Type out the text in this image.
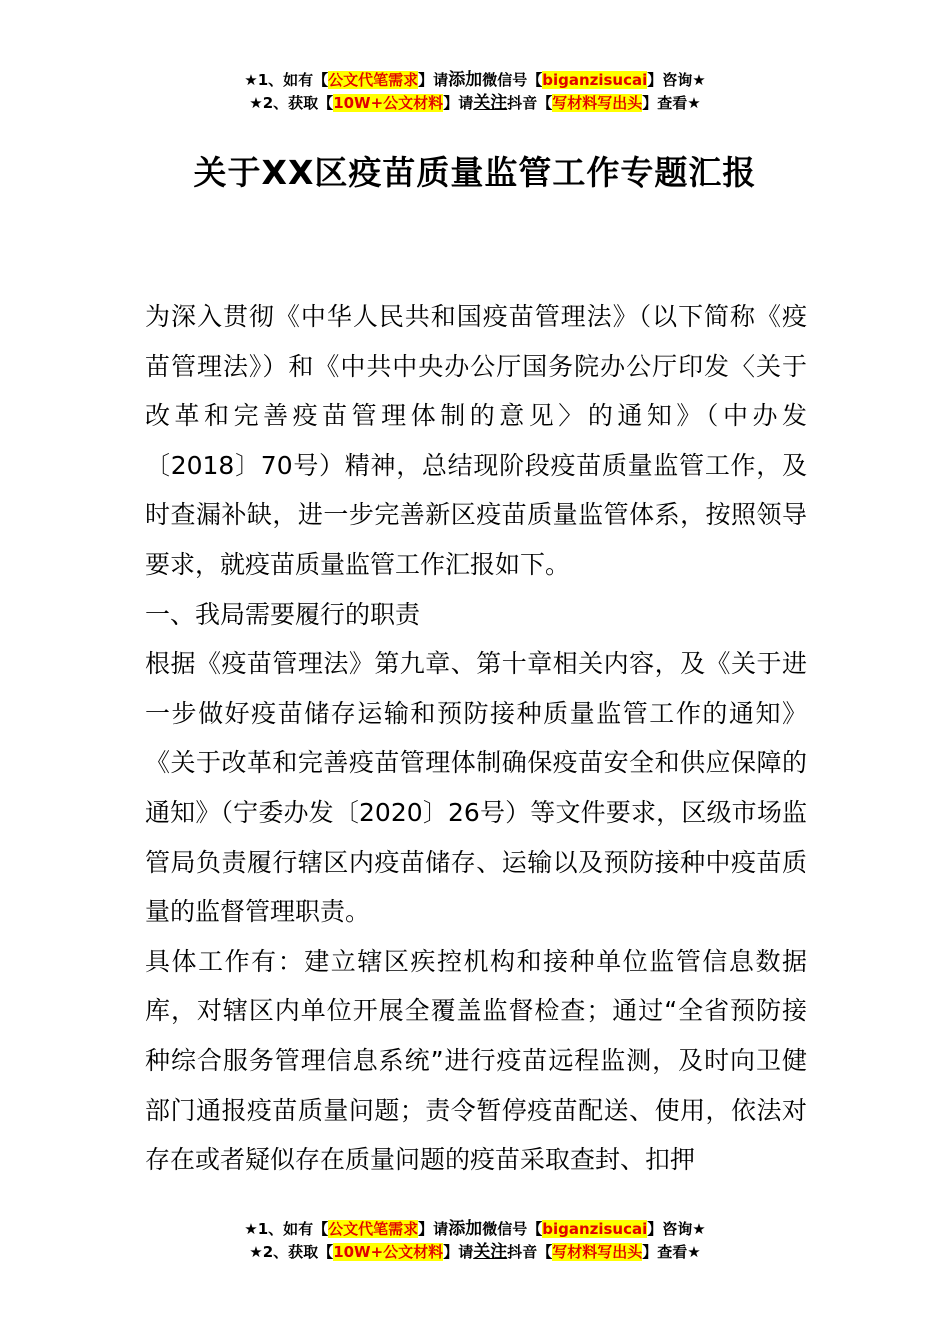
★1、如有【公文代笔需求】请添加微信号【biganzisucai】咨询★
★2、获取【10W+公文材料】请关注抖音【写材料写出头】查看★
关于XX区疫苗质量监管工作专题汇报

为深入贯彻《中华人民共和国疫苗管理法》（以下简称《疫苗管理法》）和《中共中央办公厅国务院办公厅印发〈关于改革和完善疫苗管理体制的意见〉的通知》（中办发〔2018〕70号）精神，总结现阶段疫苗质量监管工作，及时查漏补缺，进一步完善新区疫苗质量监管体系，按照领导要求，就疫苗质量监管工作汇报如下。

一、我局需要履行的职责

根据《疫苗管理法》第九章、第十章相关内容，及《关于进一步做好疫苗储存运输和预防接种质量监管工作的通知》《关于改革和完善疫苗管理体制确保疫苗安全和供应保障的通知》（宁委办发〔2020〕26号）等文件要求，区级市场监管局负责履行辖区内疫苗储存、运输以及预防接种中疫苗质量的监督管理职责。

具体工作有：建立辖区疾控机构和接种单位监管信息数据库，对辖区内单位开展全覆盖监督检查；通过“全省预防接种综合服务管理信息系统”进行疫苗远程监测，及时向卫健部门通报疫苗质量问题；责令暂停疫苗配送、使用，依法对存在或者疑似存在质量问题的疫苗采取查封、扣押

★1、如有【公文代笔需求】请添加微信号【biganzisucai】咨询★
★2、获取【10W+公文材料】请关注抖音【写材料写出头】查看★
